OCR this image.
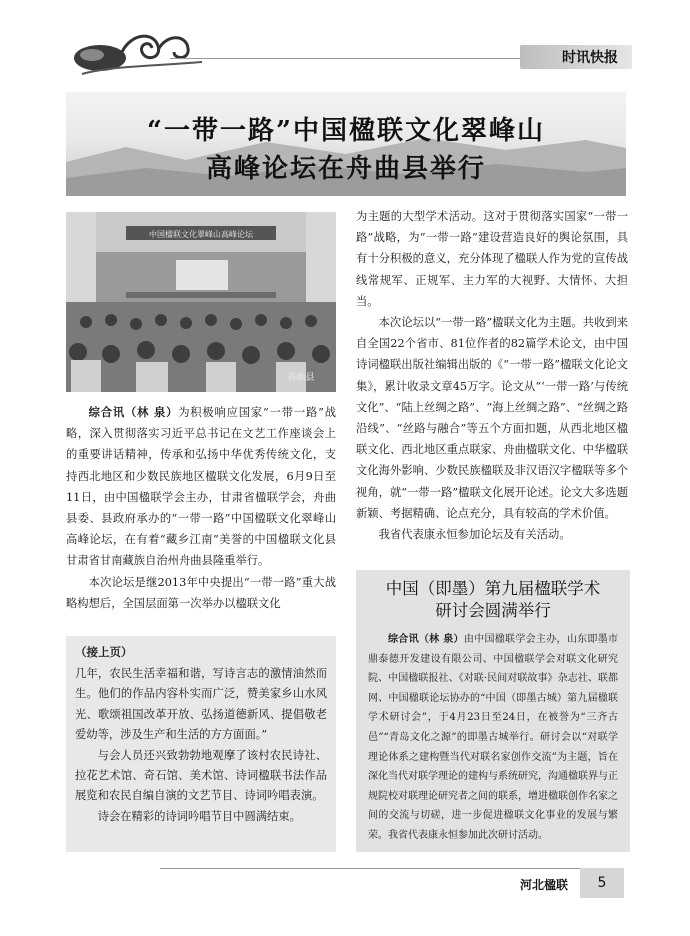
时讯快报
“一带一路”中国楹联文化翠峰山
高峰论坛在舟曲县举行
中国楹联文化翠峰山高峰论坛
舟曲县

综合讯（林 泉）为积极响应国家“一带一路”战略，深入贯彻落实习近平总书记在文艺工作座谈会上的重要讲话精神，传承和弘扬中华优秀传统文化，支持西北地区和少数民族地区楹联文化发展，6月9日至11日，由中国楹联学会主办，甘肃省楹联学会，舟曲县委、县政府承办的“一带一路”中国楹联文化翠峰山高峰论坛，在有着“藏乡江南”美誉的中国楹联文化县甘肃省甘南藏族自治州舟曲县隆重举行。

本次论坛是继2013年中央提出“一带一路”重大战略构想后，全国层面第一次举办以楹联文化

为主题的大型学术活动。这对于贯彻落实国家“一带一路”战略，为“一带一路”建设营造良好的舆论氛围，具有十分积极的意义，充分体现了楹联人作为党的宣传战线常规军、正规军、主力军的大视野、大情怀、大担当。

本次论坛以“一带一路”楹联文化为主题。共收到来自全国22个省市、81位作者的82篇学术论文，由中国诗词楹联出版社编辑出版的《“一带一路”楹联文化论文集》，累计收录文章45万字。论文从“‘一带一路’与传统文化”、“陆上丝绸之路”、“海上丝绸之路”、“丝绸之路沿线”、“丝路与融合”等五个方面扣题，从西北地区楹联文化、西北地区重点联家、舟曲楹联文化、中华楹联文化海外影响、少数民族楹联及非汉语汉字楹联等多个视角，就“一带一路”楹联文化展开论述。论文大多选题新颖、考据精确、论点充分，具有较高的学术价值。

我省代表康永恒参加论坛及有关活动。

（接上页）

几年，农民生活幸福和谐，写诗言志的激情油然而生。他们的作品内容朴实而广泛，赞美家乡山水风光、歌颂祖国改革开放、弘扬道德新风、提倡敬老爱幼等，涉及生产和生活的方方面面。”

与会人员还兴致勃勃地观摩了该村农民诗社、拉花艺术馆、奇石馆、美术馆、诗词楹联书法作品展览和农民自编自演的文艺节目、诗词吟唱表演。

诗会在精彩的诗词吟唱节目中圆满结束。

中国（即墨）第九届楹联学术
研讨会圆满举行

综合讯（林 泉）由中国楹联学会主办，山东即墨市鼎泰德开发建设有限公司、中国楹联学会对联文化研究院、中国楹联报社、《对联·民间对联故事》杂志社、联都网、中国楹联论坛协办的“中国（即墨古城）第九届楹联学术研讨会”，于4月23日至24日，在被誉为“三齐古邑”“青岛文化之源”的即墨古城举行。研讨会以“对联学理论体系之建构暨当代对联名家创作交流”为主题，旨在深化当代对联学理论的建构与系统研究，沟通楹联界与正规院校对联理论研究者之间的联系，增进楹联创作名家之间的交流与切磋，进一步促进楹联文化事业的发展与繁荣。我省代表康永恒参加此次研讨活动。

河北楹联	5
